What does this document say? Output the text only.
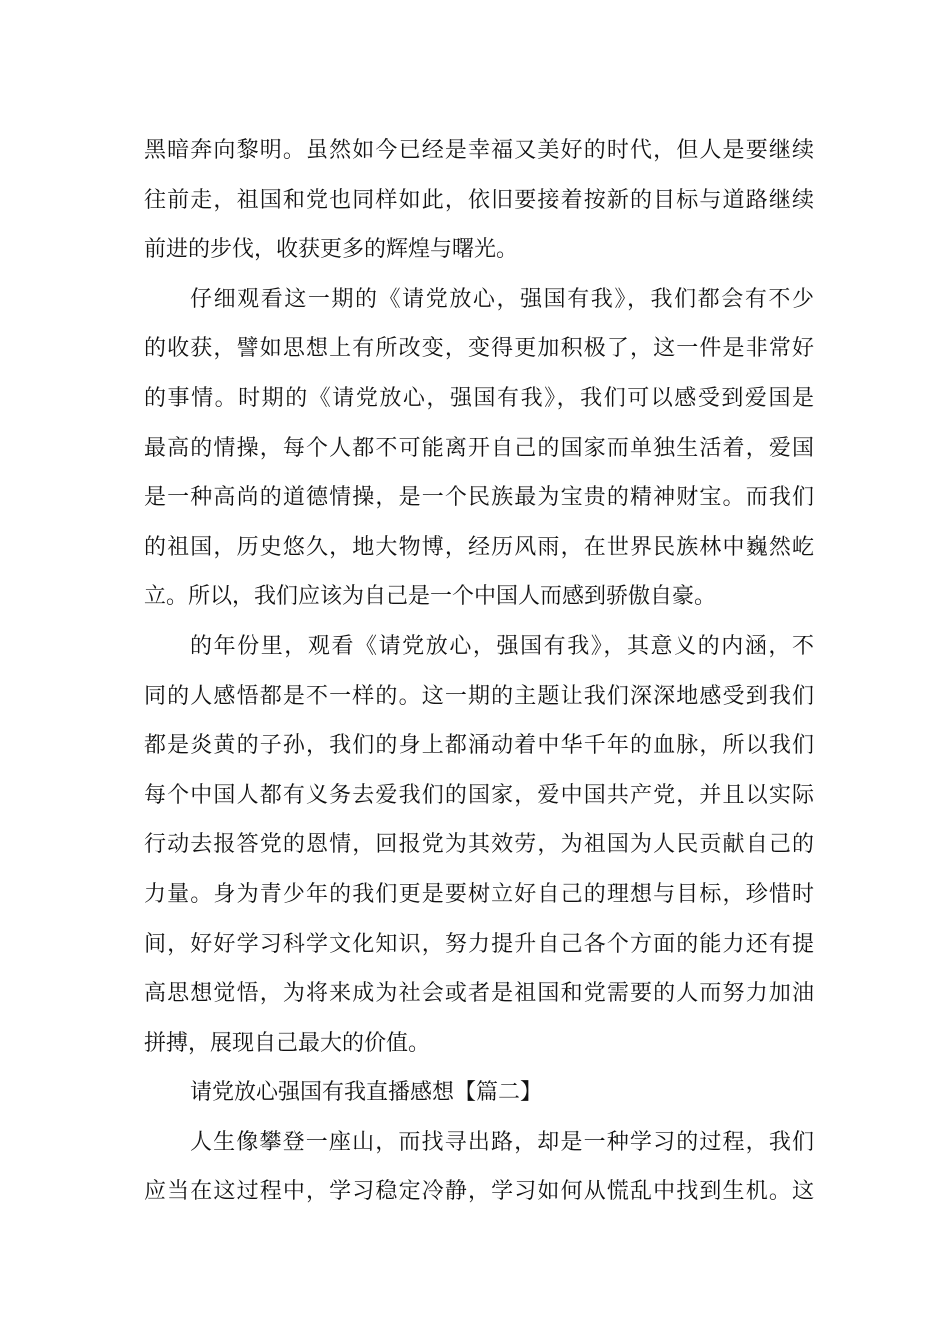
黑暗奔向黎明。虽然如今已经是幸福又美好的时代，但人是要继续
往前走，祖国和党也同样如此，依旧要接着按新的目标与道路继续
前进的步伐，收获更多的辉煌与曙光。
仔细观看这一期的《请党放心，强国有我》，我们都会有不少
的收获，譬如思想上有所改变，变得更加积极了，这一件是非常好
的事情。时期的《请党放心，强国有我》，我们可以感受到爱国是
最高的情操，每个人都不可能离开自己的国家而单独生活着，爱国
是一种高尚的道德情操，是一个民族最为宝贵的精神财宝。而我们
的祖国，历史悠久，地大物博，经历风雨，在世界民族林中巍然屹
立。所以，我们应该为自己是一个中国人而感到骄傲自豪。
的年份里，观看《请党放心，强国有我》，其意义的内涵，不
同的人感悟都是不一样的。这一期的主题让我们深深地感受到我们
都是炎黄的子孙，我们的身上都涌动着中华千年的血脉，所以我们
每个中国人都有义务去爱我们的国家，爱中国共产党，并且以实际
行动去报答党的恩情，回报党为其效劳，为祖国为人民贡献自己的
力量。身为青少年的我们更是要树立好自己的理想与目标，珍惜时
间，好好学习科学文化知识，努力提升自己各个方面的能力还有提
高思想觉悟，为将来成为社会或者是祖国和党需要的人而努力加油
拼搏，展现自己最大的价值。
请党放心强国有我直播感想【篇二】
人生像攀登一座山，而找寻出路，却是一种学习的过程，我们
应当在这过程中，学习稳定冷静，学习如何从慌乱中找到生机。这
